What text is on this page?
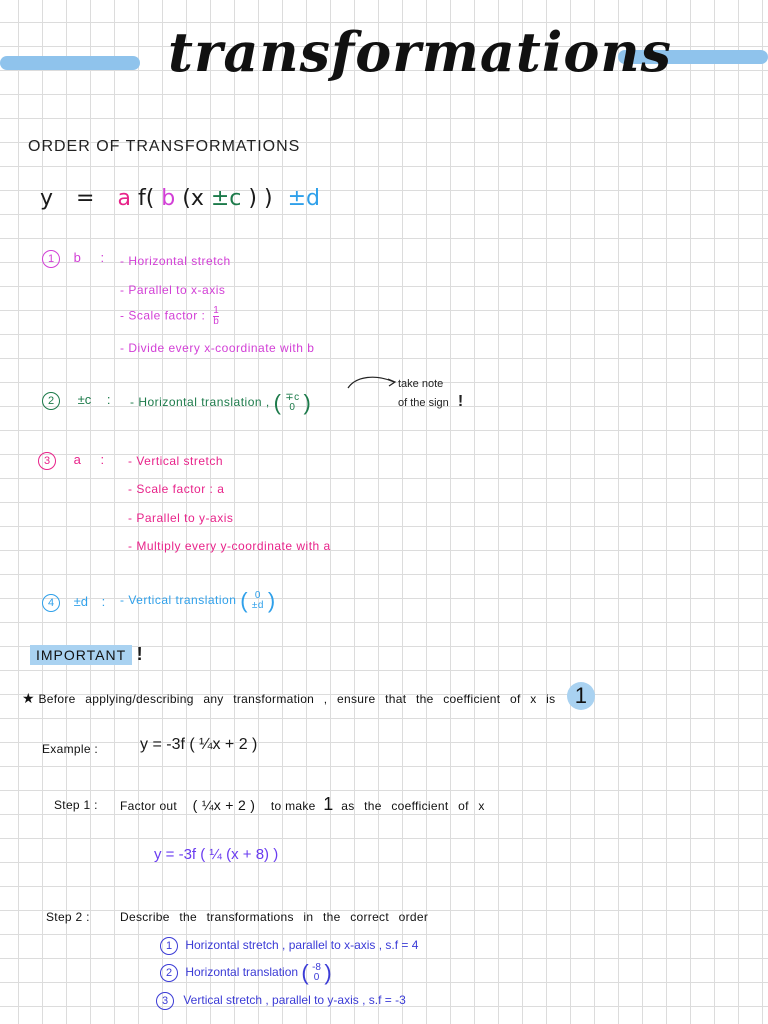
transformations
ORDER OF TRANSFORMATIONS
y = a f( b (x ±c ) ) ±d
1 b : - Horizontal stretch
- Parallel to x-axis
- Scale factor : $\frac{1}{b}$
- Divide every x-coordinate with b
2 ±c : - Horizontal translation , ( ∓c
0 )
take note
of the sign !
3 a : - Vertical stretch
- Scale factor : a
- Parallel to y-axis
- Multiply every y-coordinate with a
4 ±d : - Vertical translation ( 0
±d )
IMPORTANT !
★ Before applying/describing any transformation , ensure that the coefficient of x is 1
Example :	y = -3f ( ¼x + 2 )
Step 1 : Factor out ( ¼x + 2 ) to make 1 as the coefficient of x
y = -3f ( ¼ (x + 8) )
Step 2 :	Describe the transformations in the correct order
1 Horizontal stretch , parallel to x-axis , s.f = 4
2 Horizontal translation ( -8
0 )
3 Vertical stretch , parallel to y-axis , s.f = -3
